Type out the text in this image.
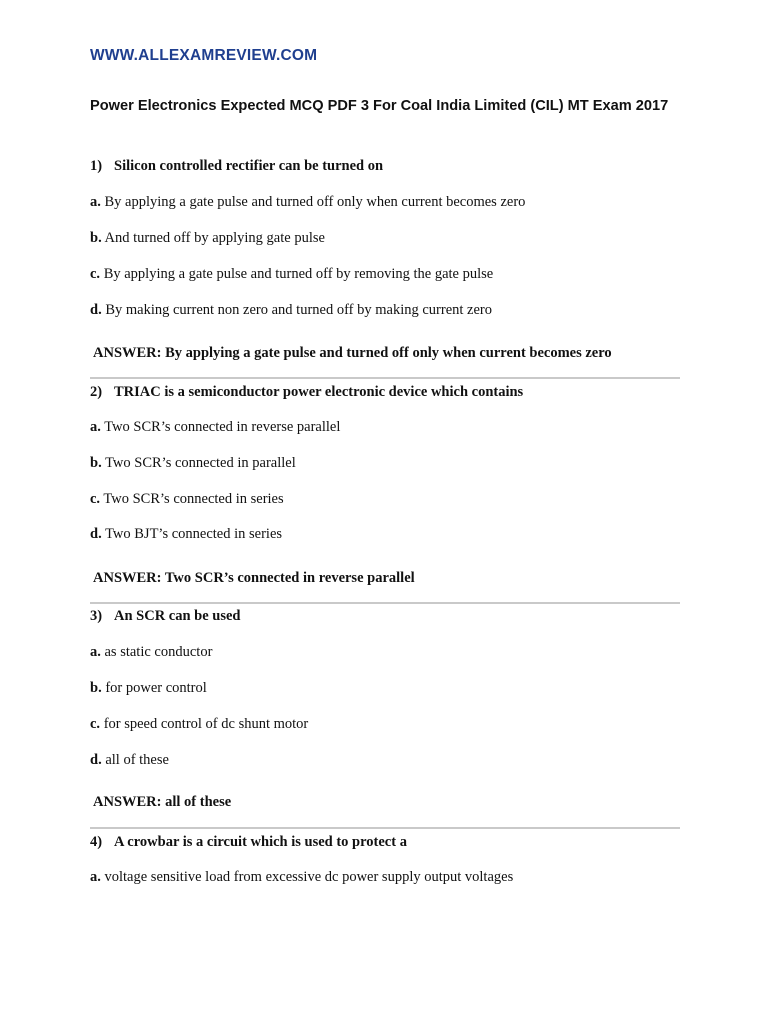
WWW.ALLEXAMREVIEW.COM
Power Electronics Expected MCQ PDF 3 For Coal India Limited (CIL) MT Exam 2017
1) Silicon controlled rectifier can be turned on
a. By applying a gate pulse and turned off only when current becomes zero
b. And turned off by applying gate pulse
c. By applying a gate pulse and turned off by removing the gate pulse
d. By making current non zero and turned off by making current zero
ANSWER: By applying a gate pulse and turned off only when current becomes zero
2) TRIAC is a semiconductor power electronic device which contains
a. Two SCR’s connected in reverse parallel
b. Two SCR’s connected in parallel
c. Two SCR’s connected in series
d. Two BJT’s connected in series
ANSWER: Two SCR’s connected in reverse parallel
3) An SCR can be used
a. as static conductor
b. for power control
c. for speed control of dc shunt motor
d. all of these
ANSWER: all of these
4) A crowbar is a circuit which is used to protect a
a. voltage sensitive load from excessive dc power supply output voltages
